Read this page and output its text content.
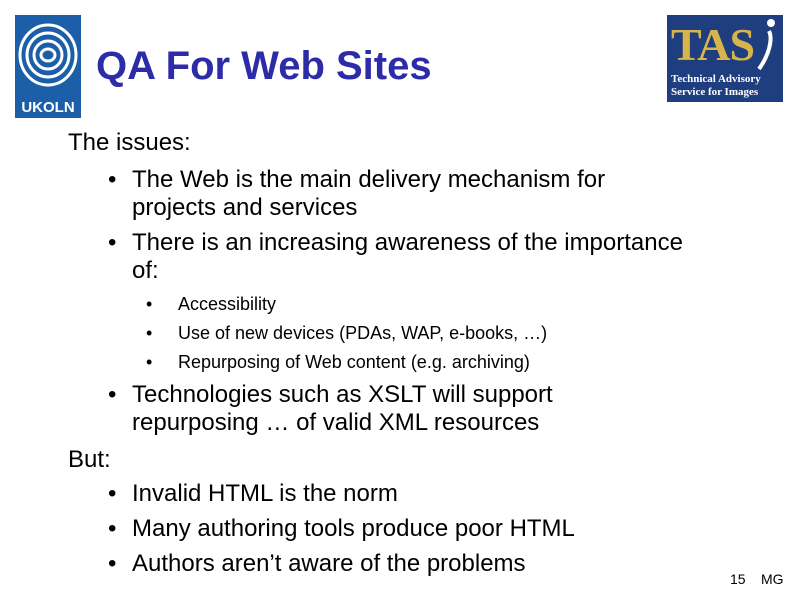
UKOLN
QA For Web Sites	TAS
Technical Advisory
Service for Images
The issues:
• The Web is the main delivery mechanism for
projects and services
• There is an increasing awareness of the importance
of:
• Accessibility
• Use of new devices (PDAs, WAP, e-books, …)
• Repurposing of Web content (e.g. archiving)
• Technologies such as XSLT will support
repurposing … of valid XML resources
But:
• Invalid HTML is the norm
• Many authoring tools produce poor HTML
• Authors aren’t aware of the problems
15 MG
